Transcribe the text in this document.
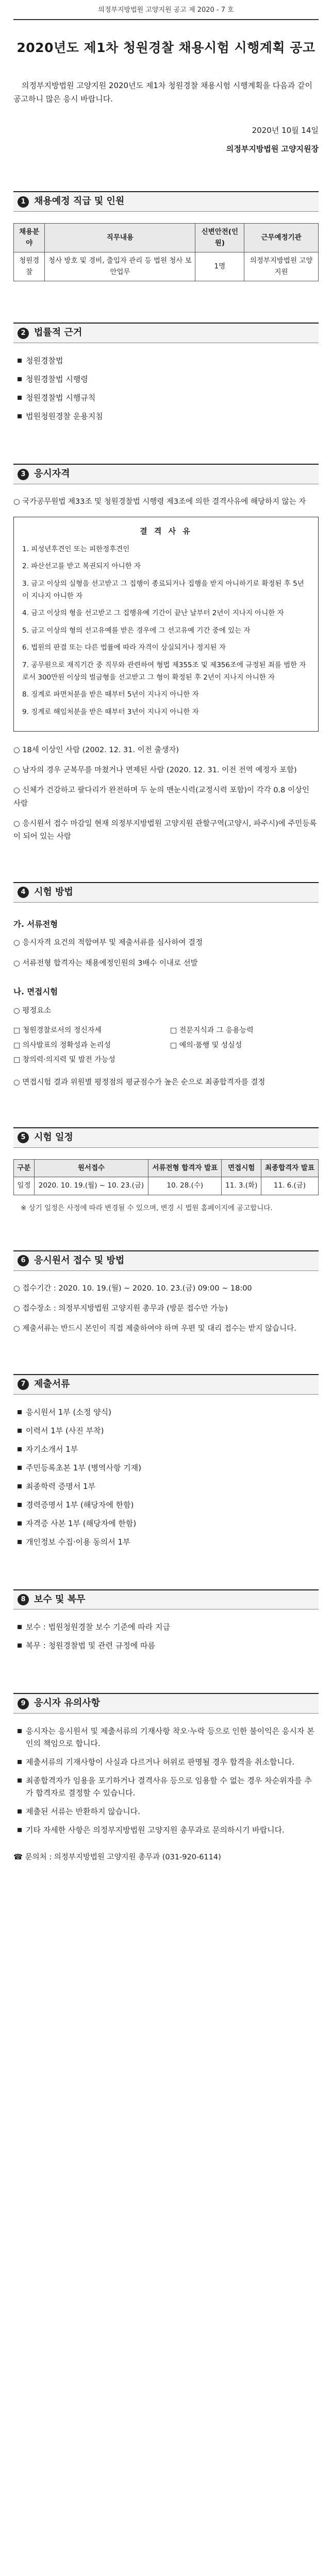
의정부지방법원 고양지원 공고 제 2020 - 7 호
2020년도 제1차 청원경찰 채용시험 시행계획 공고

의정부지방법원 고양지원 2020년도 제1차 청원경찰 채용시험 시행계획을 다음과 같이 공고하니 많은 응시 바랍니다.

2020년 10월 14일
의정부지방법원 고양지원장
1 채용예정 직급 및 인원
채용분야	직무내용	신변안전(인원)	근무예정기관
청원경찰	청사 방호 및 경비, 출입자 관리 등 법원 청사 보안업무	1명	의정부지방법원 고양지원
2 법률적 근거
청원경찰법
청원경찰법 시행령
청원경찰법 시행규칙
법원청원경찰 운용지침
3 응시자격

○ 국가공무원법 제33조 및 청원경찰법 시행령 제3조에 의한 결격사유에 해당하지 않는 자

결 격 사 유

1. 피성년후견인 또는 피한정후견인

2. 파산선고를 받고 복권되지 아니한 자

3. 금고 이상의 실형을 선고받고 그 집행이 종료되거나 집행을 받지 아니하기로 확정된 후 5년이 지나지 아니한 자

4. 금고 이상의 형을 선고받고 그 집행유예 기간이 끝난 날부터 2년이 지나지 아니한 자

5. 금고 이상의 형의 선고유예를 받은 경우에 그 선고유예 기간 중에 있는 자

6. 법원의 판결 또는 다른 법률에 따라 자격이 상실되거나 정지된 자

7. 공무원으로 재직기간 중 직무와 관련하여 형법 제355조 및 제356조에 규정된 죄를 범한 자로서 300만원 이상의 벌금형을 선고받고 그 형이 확정된 후 2년이 지나지 아니한 자

8. 징계로 파면처분을 받은 때부터 5년이 지나지 아니한 자

9. 징계로 해임처분을 받은 때부터 3년이 지나지 아니한 자

○ 18세 이상인 사람 (2002. 12. 31. 이전 출생자)

○ 남자의 경우 군복무를 마쳤거나 면제된 사람 (2020. 12. 31. 이전 전역 예정자 포함)

○ 신체가 건강하고 팔다리가 완전하며 두 눈의 맨눈시력(교정시력 포함)이 각각 0.8 이상인 사람

○ 응시원서 접수 마감일 현재 의정부지방법원 고양지원 관할구역(고양시, 파주시)에 주민등록이 되어 있는 사람

4 시험 방법
가. 서류전형

○ 응시자격 요건의 적합여부 및 제출서류를 심사하여 결정

○ 서류전형 합격자는 채용예정인원의 3배수 이내로 선발

나. 면접시험

○ 평정요소

□ 청원경찰로서의 정신자세	□ 전문지식과 그 응용능력
□ 의사발표의 정확성과 논리성	□ 예의·품행 및 성실성
□ 창의력·의지력 및 발전 가능성

○ 면접시험 결과 위원별 평정점의 평균점수가 높은 순으로 최종합격자를 결정

5 시험 일정
구분	원서접수	서류전형 합격자 발표	면접시험	최종합격자 발표
일정	2020. 10. 19.(월) ~ 10. 23.(금)	10. 28.(수)	11. 3.(화)	11. 6.(금)

※ 상기 일정은 사정에 따라 변경될 수 있으며, 변경 시 법원 홈페이지에 공고합니다.

6 응시원서 접수 및 방법

○ 접수기간 : 2020. 10. 19.(월) ~ 2020. 10. 23.(금) 09:00 ~ 18:00

○ 접수장소 : 의정부지방법원 고양지원 총무과 (방문 접수만 가능)

○ 제출서류는 반드시 본인이 직접 제출하여야 하며 우편 및 대리 접수는 받지 않습니다.

7 제출서류
응시원서 1부 (소정 양식)
이력서 1부 (사진 부착)
자기소개서 1부
주민등록초본 1부 (병역사항 기재)
최종학력 증명서 1부
경력증명서 1부 (해당자에 한함)
자격증 사본 1부 (해당자에 한함)
개인정보 수집·이용 동의서 1부
8 보수 및 복무
보수 : 법원청원경찰 보수 기준에 따라 지급
복무 : 청원경찰법 및 관련 규정에 따름
9 응시자 유의사항
응시자는 응시원서 및 제출서류의 기재사항 착오·누락 등으로 인한 불이익은 응시자 본인의 책임으로 합니다.
제출서류의 기재사항이 사실과 다르거나 허위로 판명될 경우 합격을 취소합니다.
최종합격자가 임용을 포기하거나 결격사유 등으로 임용할 수 없는 경우 차순위자를 추가 합격자로 결정할 수 있습니다.
제출된 서류는 반환하지 않습니다.
기타 자세한 사항은 의정부지방법원 고양지원 총무과로 문의하시기 바랍니다.
☎ 문의처 : 의정부지방법원 고양지원 총무과 (031-920-6114)
